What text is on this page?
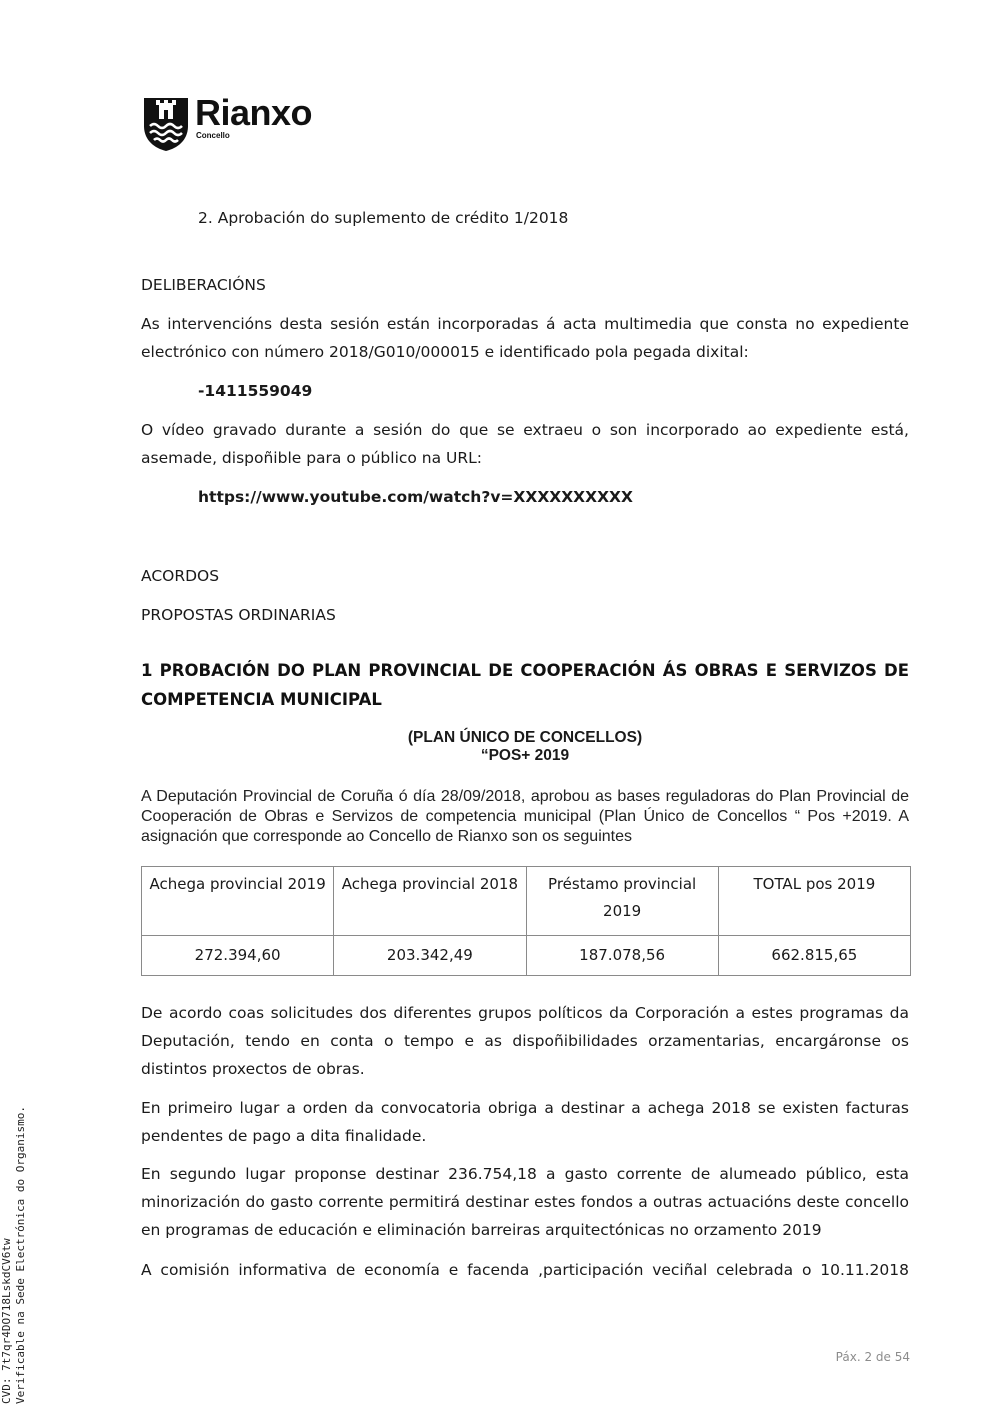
Rianxo
Concello

2. Aprobación do suplemento de crédito 1/2018

DELIBERACIÓNS

As intervencións desta sesión están incorporadas á acta multimedia que consta no expediente electrónico con número 2018/G010/000015 e identificado pola pegada dixital:

-1411559049

O vídeo gravado durante a sesión do que se extraeu o son incorporado ao expediente está, asemade, dispoñible para o público na URL:

https://www.youtube.com/watch?v=XXXXXXXXXX

ACORDOS

PROPOSTAS ORDINARIAS

1 PROBACIÓN DO PLAN PROVINCIAL DE COOPERACIÓN ÁS OBRAS E SERVIZOS DE COMPETENCIA MUNICIPAL

(PLAN ÚNICO DE CONCELLOS)

“POS+ 2019

A Deputación Provincial de Coruña ó día 28/09/2018, aprobou as bases reguladoras do Plan Provincial de Cooperación de Obras e Servizos de competencia municipal (Plan Único de Concellos “ Pos +2019. A asignación que corresponde ao Concello de Rianxo son os seguintes

Achega provincial 2019	Achega provincial 2018	Préstamo provincial 2019	TOTAL pos 2019
272.394,60	203.342,49	187.078,56	662.815,65

De acordo coas solicitudes dos diferentes grupos políticos da Corporación a estes programas da Deputación, tendo en conta o tempo e as dispoñibilidades orzamentarias, encargáronse os distintos proxectos de obras.

En primeiro lugar a orden da convocatoria obriga a destinar a achega 2018 se existen facturas pendentes de pago a dita finalidade.

En segundo lugar proponse destinar 236.754,18 a gasto corrente de alumeado público, esta minorización do gasto corrente permitirá destinar estes fondos a outras actuacións deste concello en programas de educación e eliminación barreiras arquitectónicas no orzamento 2019

A comisión informativa de economía e facenda ,participación veciñal celebrada o 10.11.2018

Páx. 2 de 54
CVD: 7t7qr4DO718LskdCV6tw Verificable na Sede Electrónica do Organismo.
